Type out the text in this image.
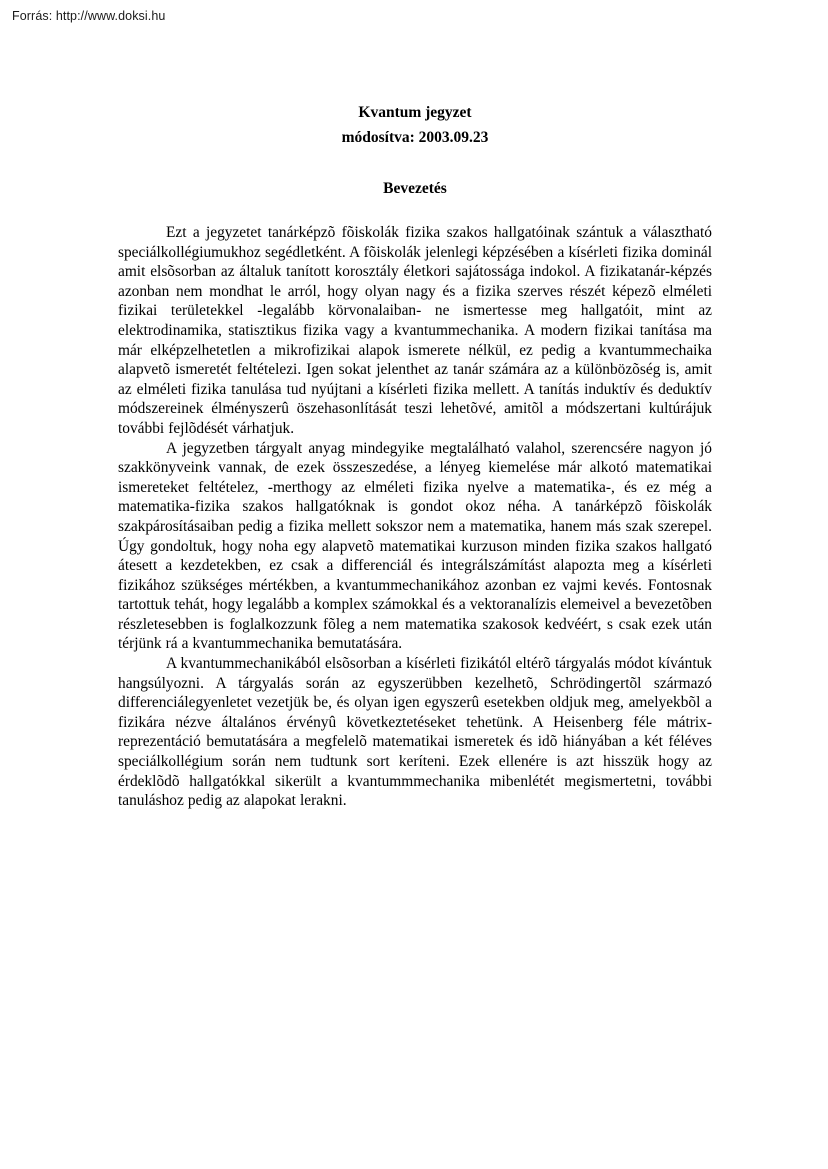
Forrás: http://www.doksi.hu
Kvantum jegyzet
módosítva: 2003.09.23
Bevezetés

Ezt a jegyzetet tanárképzõ fõiskolák fizika szakos hallgatóinak szántuk a választható speciálkollégiumukhoz segédletként. A fõiskolák jelenlegi képzésében a kísérleti fizika dominál amit elsõsorban az általuk tanított korosztály életkori sajátossága indokol. A fizikatanár-képzés azonban nem mondhat le arról, hogy olyan nagy és a fizika szerves részét képezõ elméleti fizikai területekkel -legalább körvonalaiban- ne ismertesse meg hallgatóit, mint az elektrodinamika, statisztikus fizika vagy a kvantummechanika. A modern fizikai tanítása ma már elképzelhetetlen a mikrofizikai alapok ismerete nélkül, ez pedig a kvantummechaika alapvetõ ismeretét feltételezi. Igen sokat jelenthet az tanár számára az a különbözõség is, amit az elméleti fizika tanulása tud nyújtani a kísérleti fizika mellett. A tanítás induktív és deduktív módszereinek élményszerû öszehasonlítását teszi lehetõvé, amitõl a módszertani kultúrájuk további fejlõdését várhatjuk.

A jegyzetben tárgyalt anyag mindegyike megtalálható valahol, szerencsére nagyon jó szakkönyveink vannak, de ezek összeszedése, a lényeg kiemelése már alkotó matematikai ismereteket feltételez, -merthogy az elméleti fizika nyelve a matematika-, és ez még a matematika-fizika szakos hallgatóknak is gondot okoz néha. A tanárképzõ fõiskolák szakpárosításaiban pedig a fizika mellett sokszor nem a matematika, hanem más szak szerepel. Úgy gondoltuk, hogy noha egy alapvetõ matematikai kurzuson minden fizika szakos hallgató átesett a kezdetekben, ez csak a differenciál és integrálszámítást alapozta meg a kísérleti fizikához szükséges mértékben, a kvantummechanikához azonban ez vajmi kevés. Fontosnak tartottuk tehát, hogy legalább a komplex számokkal és a vektoranalízis elemeivel a bevezetõben részletesebben is foglalkozzunk fõleg a nem matematika szakosok kedvéért, s csak ezek után térjünk rá a kvantummechanika bemutatására.

A kvantummechanikából elsõsorban a kísérleti fizikától eltérõ tárgyalás módot kívántuk hangsúlyozni. A tárgyalás során az egyszerübben kezelhetõ, Schrödingertõl származó differenciálegyenletet vezetjük be, és olyan igen egyszerû esetekben oldjuk meg, amelyekbõl a fizikára nézve általános érvényû következtetéseket tehetünk. A Heisenberg féle mátrix-reprezentáció bemutatására a megfelelõ matematikai ismeretek és idõ hiányában a két féléves speciálkollégium során nem tudtunk sort keríteni. Ezek ellenére is azt hisszük hogy az érdeklõdõ hallgatókkal sikerült a kvantummmechanika mibenlétét megismertetni, további tanuláshoz pedig az alapokat lerakni.
